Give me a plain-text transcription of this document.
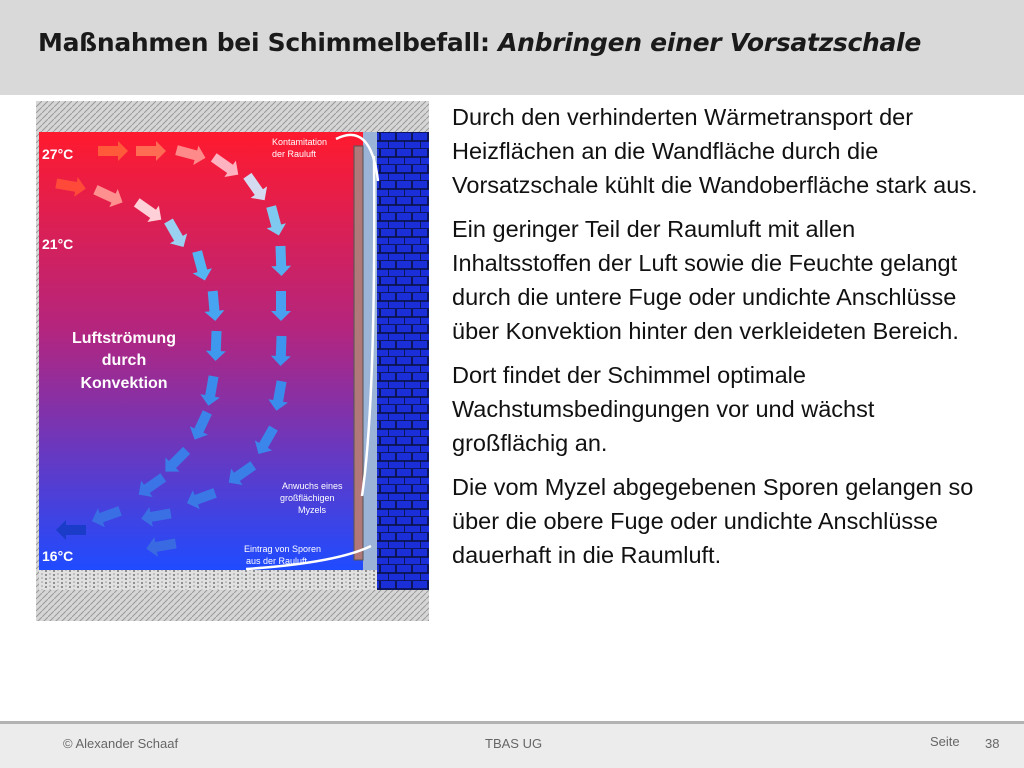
Maßnahmen bei Schimmelbefall: Anbringen einer Vorsatzschale
27°C
21°C
16°C
Luftströmung
durch
Konvektion
Kontamitation
der Rauluft
Anwuchs eines
großflächigen
Myzels
Eintrag von Sporen
aus der Rauluft

Durch den verhinderten Wärmetransport der Heizflächen an die Wandfläche durch die Vorsatzschale kühlt die Wandoberfläche stark aus.

Ein geringer Teil der Raumluft mit allen Inhaltsstoffen der Luft sowie die Feuchte gelangt durch die untere Fuge oder undichte Anschlüsse über Konvektion hinter den verkleideten Bereich.

Dort findet der Schimmel optimale Wachstumsbedingungen vor und wächst großflächig an.

Die vom Myzel abgegebenen Sporen gelangen so über die obere Fuge oder undichte Anschlüsse dauerhaft in die Raumluft.

© Alexander Schaaf	TBAS UG	Seite 38
